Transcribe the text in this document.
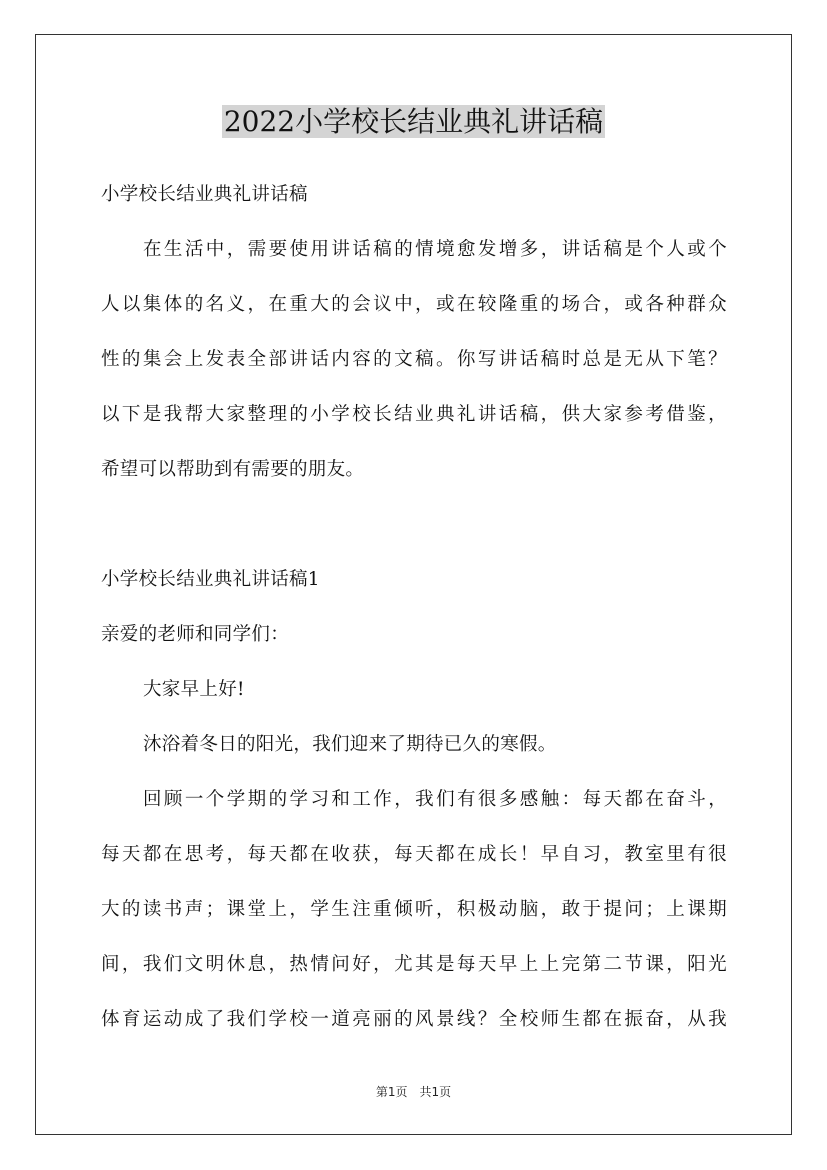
2022小学校长结业典礼讲话稿
小学校长结业典礼讲话稿
在生活中，需要使用讲话稿的情境愈发增多，讲话稿是个人或个
人以集体的名义，在重大的会议中，或在较隆重的场合，或各种群众
性的集会上发表全部讲话内容的文稿。你写讲话稿时总是无从下笔？
以下是我帮大家整理的小学校长结业典礼讲话稿，供大家参考借鉴，
希望可以帮助到有需要的朋友。
小学校长结业典礼讲话稿1
亲爱的老师和同学们：
大家早上好!
沐浴着冬日的阳光，我们迎来了期待已久的寒假。
回顾一个学期的学习和工作，我们有很多感触：每天都在奋斗，
每天都在思考，每天都在收获，每天都在成长！早自习，教室里有很
大的读书声；课堂上，学生注重倾听，积极动脑，敢于提问；上课期
间，我们文明休息，热情问好，尤其是每天早上上完第二节课，阳光
体育运动成了我们学校一道亮丽的风景线？全校师生都在振奋，从我
第1页　共1页
